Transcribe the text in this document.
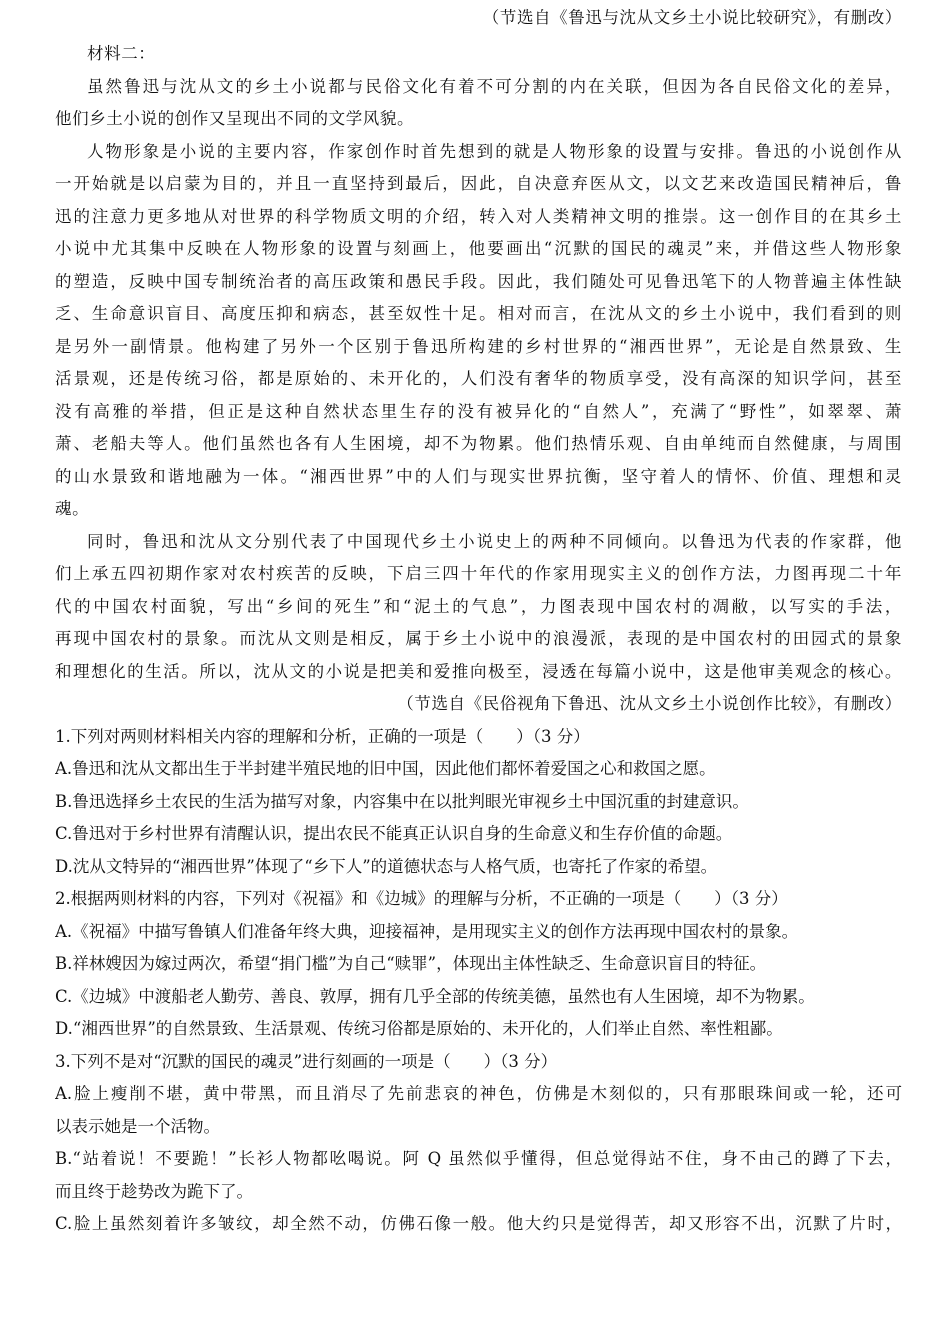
（节选自《鲁迅与沈从文乡土小说比较研究》，有删改）
材料二：
虽然鲁迅与沈从文的乡土小说都与民俗文化有着不可分割的内在关联，但因为各自民俗文化的差异，
他们乡土小说的创作又呈现出不同的文学风貌。
人物形象是小说的主要内容，作家创作时首先想到的就是人物形象的设置与安排。鲁迅的小说创作从
一开始就是以启蒙为目的，并且一直坚持到最后，因此，自决意弃医从文，以文艺来改造国民精神后，鲁
迅的注意力更多地从对世界的科学物质文明的介绍，转入对人类精神文明的推崇。这一创作目的在其乡土
小说中尤其集中反映在人物形象的设置与刻画上，他要画出“沉默的国民的魂灵”来，并借这些人物形象
的塑造，反映中国专制统治者的高压政策和愚民手段。因此，我们随处可见鲁迅笔下的人物普遍主体性缺
乏、生命意识盲目、高度压抑和病态，甚至奴性十足。相对而言，在沈从文的乡土小说中，我们看到的则
是另外一副情景。他构建了另外一个区别于鲁迅所构建的乡村世界的“湘西世界”，无论是自然景致、生
活景观，还是传统习俗，都是原始的、未开化的，人们没有奢华的物质享受，没有高深的知识学问，甚至
没有高雅的举措，但正是这种自然状态里生存的没有被异化的“自然人”，充满了“野性”，如翠翠、萧
萧、老船夫等人。他们虽然也各有人生困境，却不为物累。他们热情乐观、自由单纯而自然健康，与周围
的山水景致和谐地融为一体。“湘西世界”中的人们与现实世界抗衡，坚守着人的情怀、价值、理想和灵
魂。
同时，鲁迅和沈从文分别代表了中国现代乡土小说史上的两种不同倾向。以鲁迅为代表的作家群，他
们上承五四初期作家对农村疾苦的反映，下启三四十年代的作家用现实主义的创作方法，力图再现二十年
代的中国农村面貌，写出“乡间的死生”和“泥土的气息”，力图表现中国农村的凋敝，以写实的手法，
再现中国农村的景象。而沈从文则是相反，属于乡土小说中的浪漫派，表现的是中国农村的田园式的景象
和理想化的生活。所以，沈从文的小说是把美和爱推向极至，浸透在每篇小说中，这是他审美观念的核心。
（节选自《民俗视角下鲁迅、沈从文乡土小说创作比较》，有删改）
1.下列对两则材料相关内容的理解和分析，正确的一项是（　　）（3 分）
A.鲁迅和沈从文都出生于半封建半殖民地的旧中国，因此他们都怀着爱国之心和救国之愿。
B.鲁迅选择乡土农民的生活为描写对象，内容集中在以批判眼光审视乡土中国沉重的封建意识。
C.鲁迅对于乡村世界有清醒认识，提出农民不能真正认识自身的生命意义和生存价值的命题。
D.沈从文特异的“湘西世界”体现了“乡下人”的道德状态与人格气质，也寄托了作家的希望。
2.根据两则材料的内容，下列对《祝福》和《边城》的理解与分析，不正确的一项是（　　）（3 分）
A.《祝福》中描写鲁镇人们准备年终大典，迎接福神，是用现实主义的创作方法再现中国农村的景象。
B.祥林嫂因为嫁过两次，希望“捐门槛”为自己“赎罪”，体现出主体性缺乏、生命意识盲目的特征。
C.《边城》中渡船老人勤劳、善良、敦厚，拥有几乎全部的传统美德，虽然也有人生困境，却不为物累。
D.“湘西世界”的自然景致、生活景观、传统习俗都是原始的、未开化的，人们举止自然、率性粗鄙。
3.下列不是对“沉默的国民的魂灵”进行刻画的一项是（　　）（3 分）
A.脸上瘦削不堪，黄中带黑，而且消尽了先前悲哀的神色，仿佛是木刻似的，只有那眼珠间或一轮，还可
以表示她是一个活物。
B.“站着说！不要跪！”长衫人物都吆喝说。阿 Q 虽然似乎懂得，但总觉得站不住，身不由己的蹲了下去，
而且终于趁势改为跪下了。
C.脸上虽然刻着许多皱纹，却全然不动，仿佛石像一般。他大约只是觉得苦，却又形容不出，沉默了片时，
